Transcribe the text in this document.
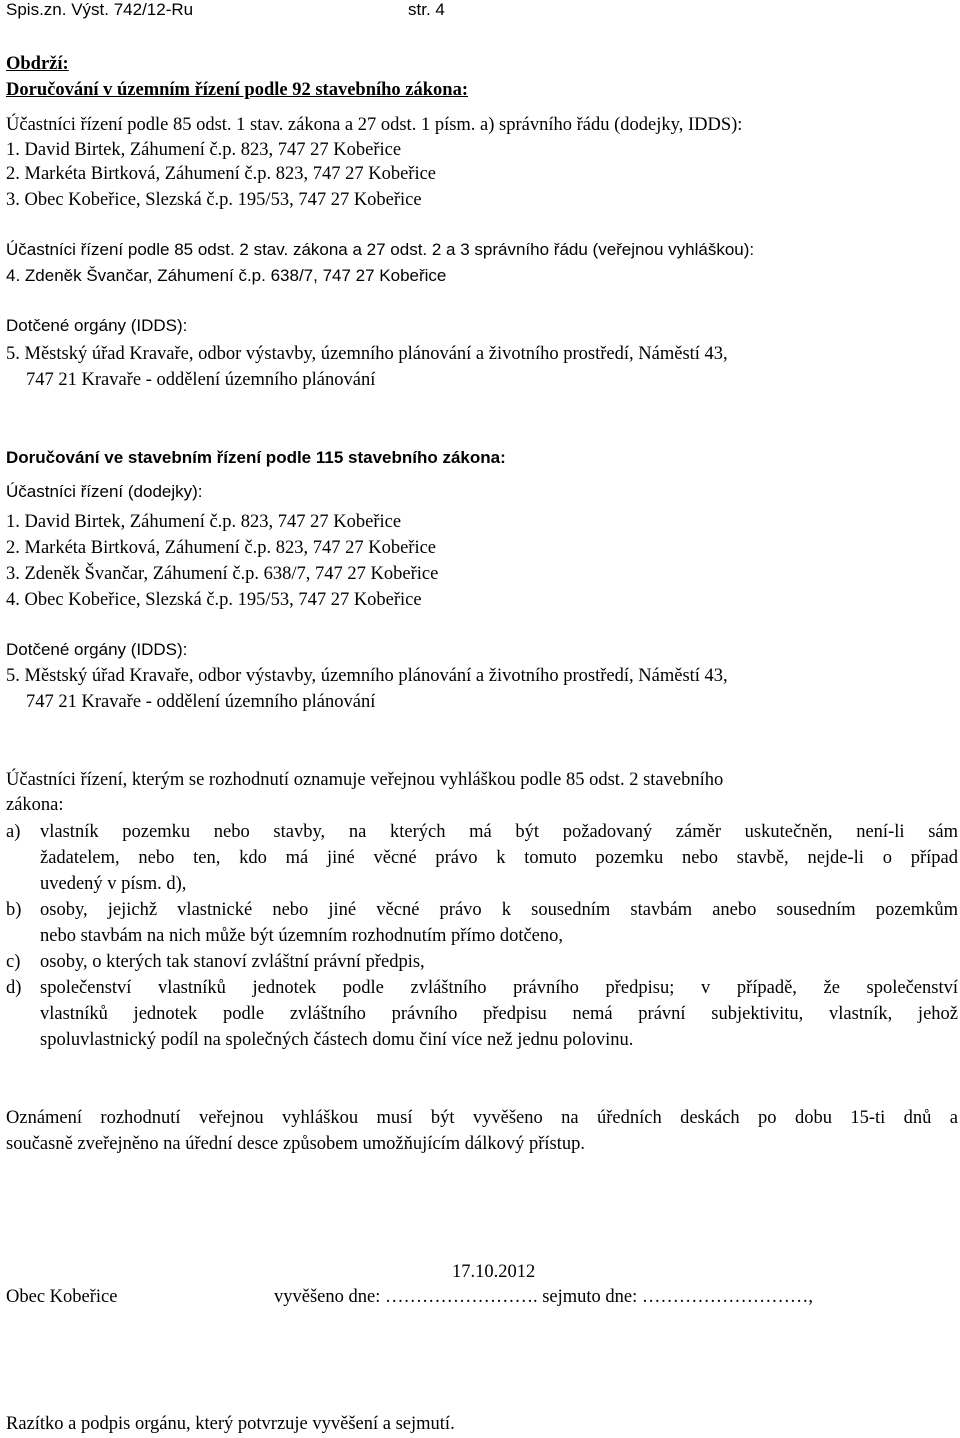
Spis.zn. Výst. 742/12-Ru	str. 4
Obdrží:
Doručování v územním řízení podle 92 stavebního zákona:
Účastníci řízení podle 85 odst. 1 stav. zákona a 27 odst. 1 písm. a) správního řádu (dodejky, IDDS):
1. David Birtek, Záhumení č.p. 823, 747 27 Kobeřice
2. Markéta Birtková, Záhumení č.p. 823, 747 27 Kobeřice
3. Obec Kobeřice, Slezská č.p. 195/53, 747 27 Kobeřice
Účastníci řízení podle 85 odst. 2 stav. zákona a 27 odst. 2 a 3 správního řádu (veřejnou vyhláškou):
4. Zdeněk Švančar, Záhumení č.p. 638/7, 747 27 Kobeřice
Dotčené orgány (IDDS):
5. Městský úřad Kravaře, odbor výstavby, územního plánování a životního prostředí, Náměstí 43,
747 21 Kravaře - oddělení územního plánování
Doručování ve stavebním řízení podle 115 stavebního zákona:
Účastníci řízení (dodejky):
1. David Birtek, Záhumení č.p. 823, 747 27 Kobeřice
2. Markéta Birtková, Záhumení č.p. 823, 747 27 Kobeřice
3. Zdeněk Švančar, Záhumení č.p. 638/7, 747 27 Kobeřice
4. Obec Kobeřice, Slezská č.p. 195/53, 747 27 Kobeřice
Dotčené orgány (IDDS):
5. Městský úřad Kravaře, odbor výstavby, územního plánování a životního prostředí, Náměstí 43,
747 21 Kravaře - oddělení územního plánování
Účastníci řízení, kterým se rozhodnutí oznamuje veřejnou vyhláškou podle 85 odst. 2 stavebního
zákona:
a) vlastník pozemku nebo stavby, na kterých má být požadovaný záměr uskutečněn, není-li sám
žadatelem, nebo ten, kdo má jiné věcné právo k tomuto pozemku nebo stavbě, nejde-li o případ
uvedený v písm. d),
b) osoby, jejichž vlastnické nebo jiné věcné právo k sousedním stavbám anebo sousedním pozemkům
nebo stavbám na nich může být územním rozhodnutím přímo dotčeno,
c) osoby, o kterých tak stanoví zvláštní právní předpis,
d) společenství vlastníků jednotek podle zvláštního právního předpisu; v případě, že společenství
vlastníků jednotek podle zvláštního právního předpisu nemá právní subjektivitu, vlastník, jehož
spoluvlastnický podíl na společných částech domu činí více než jednu polovinu.
Oznámení rozhodnutí veřejnou vyhláškou musí být vyvěšeno na úředních deskách po dobu 15-ti dnů a
současně zveřejněno na úřední desce způsobem umožňujícím dálkový přístup.
17.10.2012
Obec Kobeřice	vyvěšeno dne: ……………………. sejmuto dne: ………………………,
Razítko a podpis orgánu, který potvrzuje vyvěšení a sejmutí.
